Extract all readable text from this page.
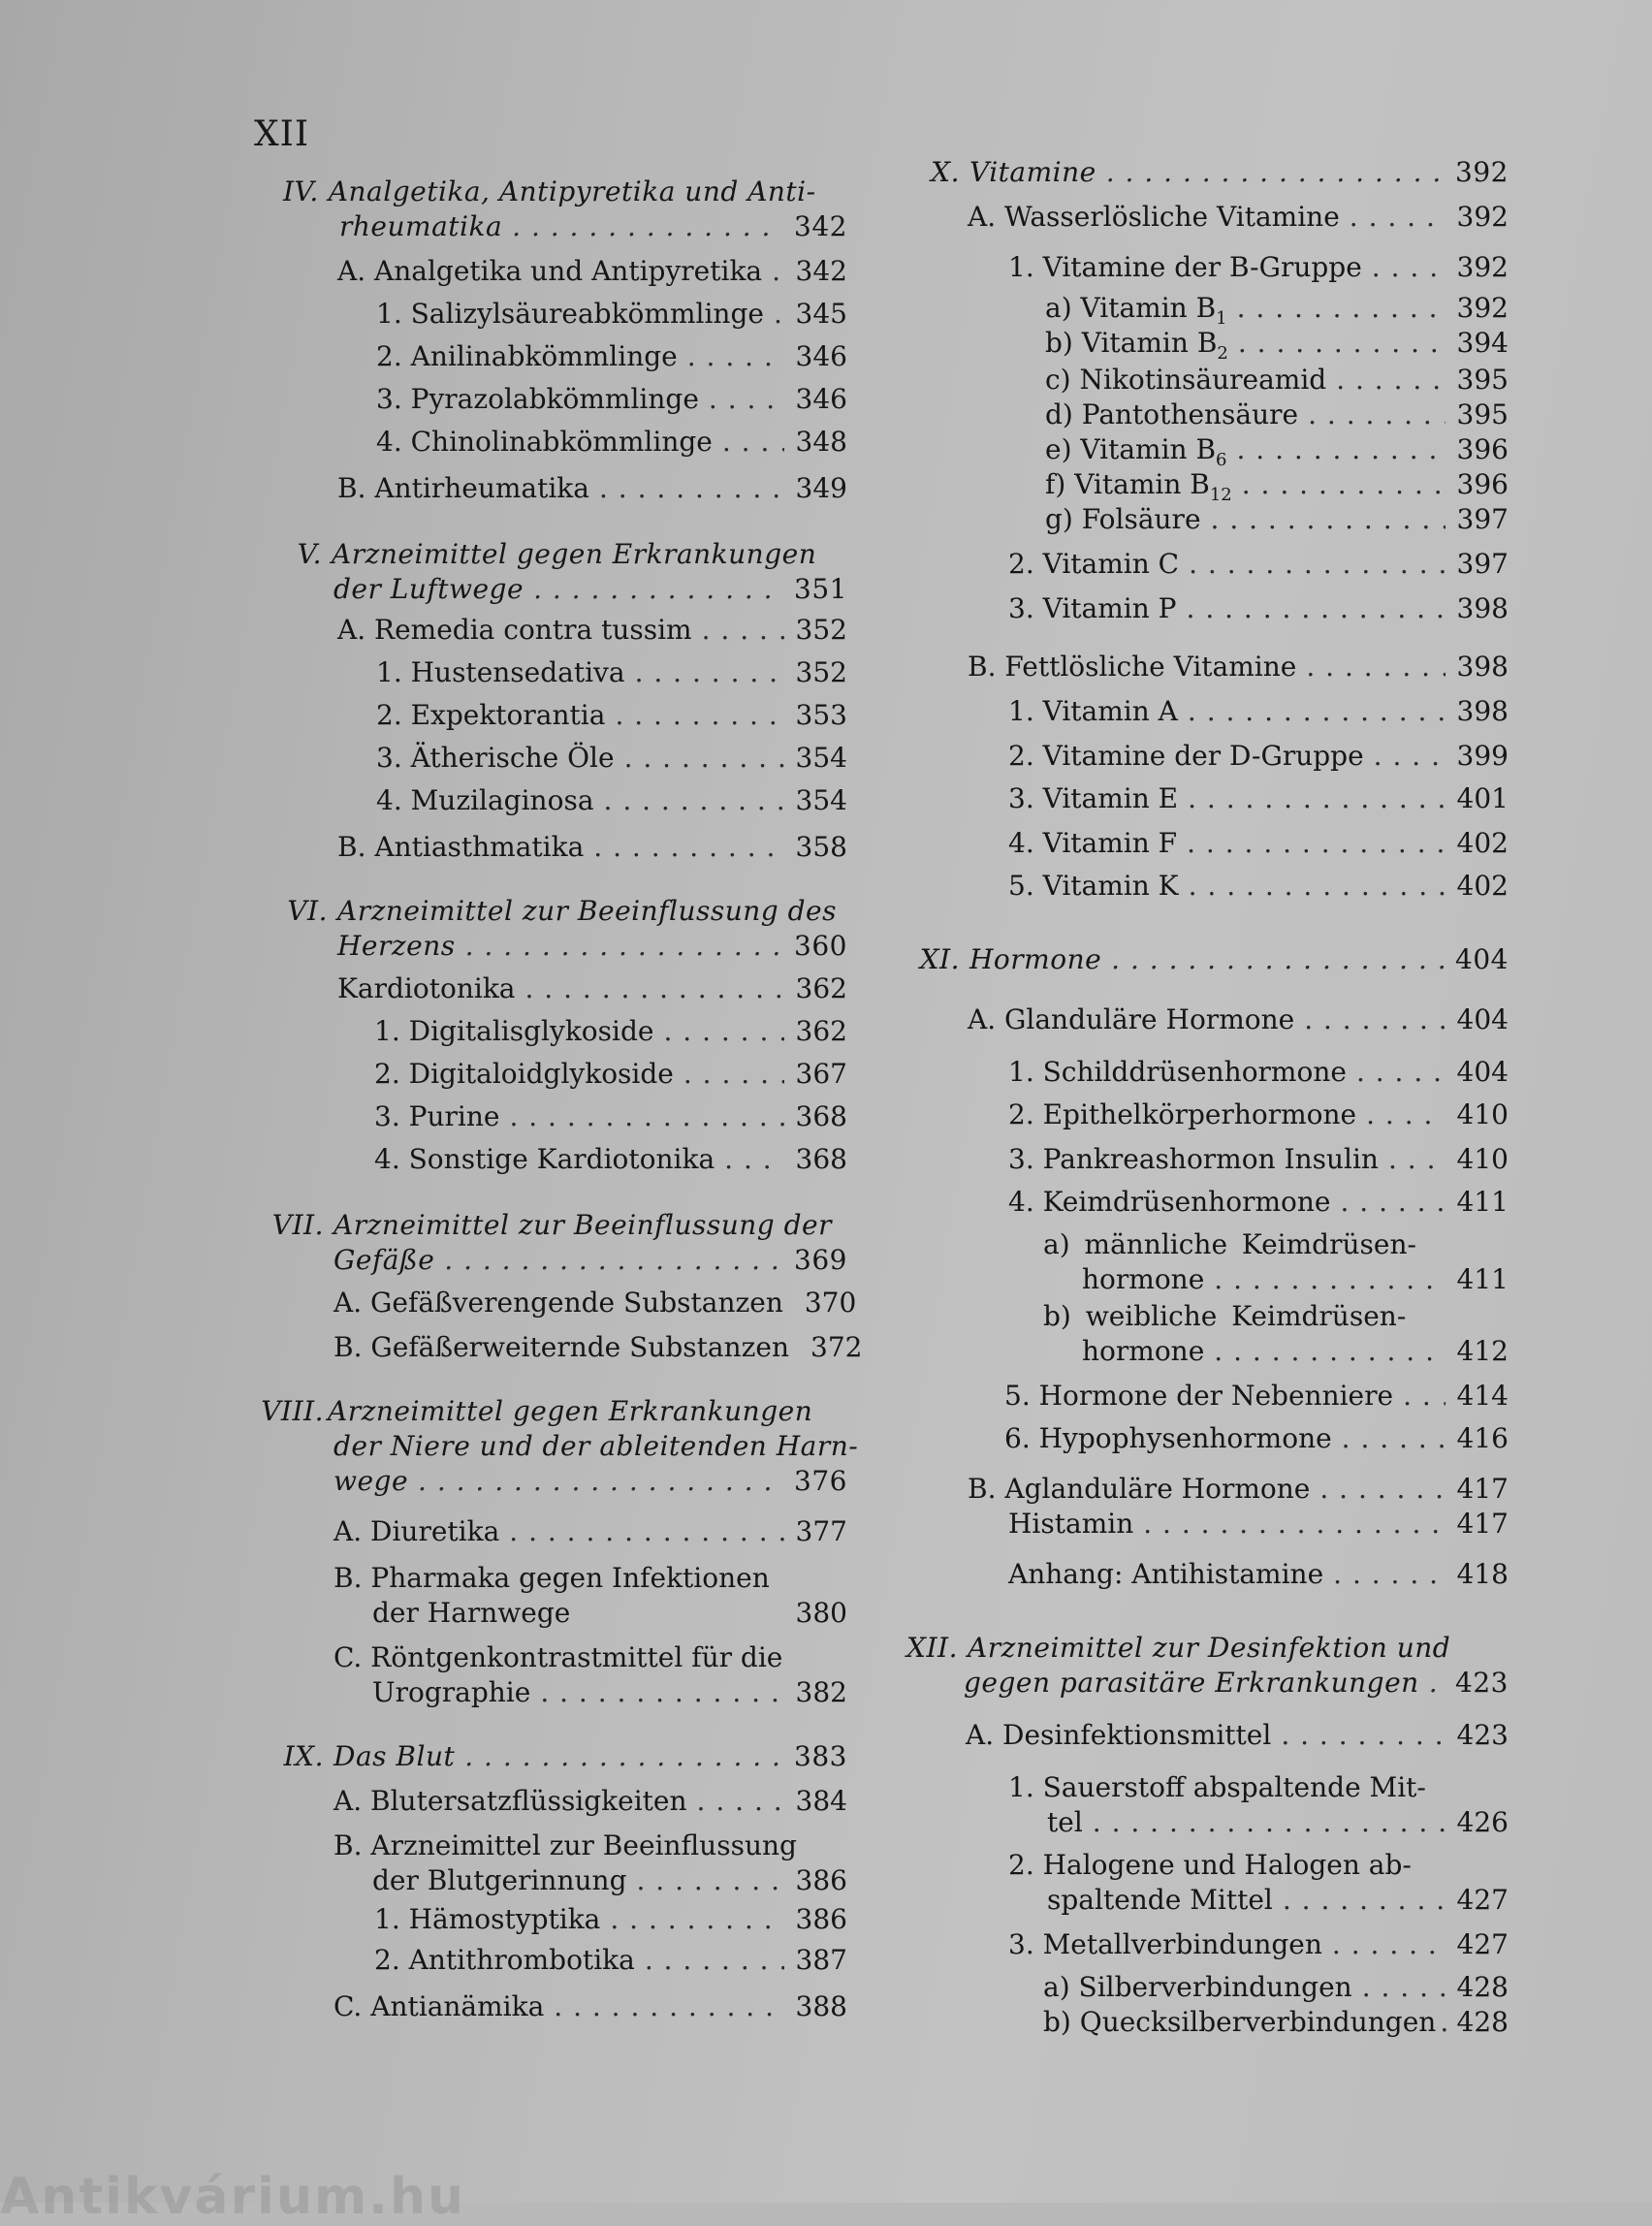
XII
IV. Analgetika, Antipyretika und Anti-
rheumatika . . .	342
A. Analgetika und Antipyretika . . . 342
1. Salizylsäureabkömmlinge . . . 345
2. Anilinabkömmlinge . . .	346
3. Pyrazolabkömmlinge . . .	346
4. Chinolinabkömmlinge . . .	348
B. Antirheumatika . . .	349
V. Arzneimittel gegen Erkrankungen
der Luftwege . . .	351
A. Remedia contra tussim . . .	352
1. Hustensedativa . . .	352
2. Expektorantia . . .	353
3. Ätherische Öle . . .	354
4. Muzilaginosa . . .	354
B. Antiasthmatika . . .	358
VI. Arzneimittel zur Beeinflussung des
Herzens . . .	360
Kardiotonika . . .	362
1. Digitalisglykoside . . .	362
2. Digitaloidglykoside . . .	367
3. Purine . . .	368
4. Sonstige Kardiotonika . . .	368
VII. Arzneimittel zur Beeinflussung der
Gefäße . . .	369
A. Gefäßverengende Substanzen 370
B. Gefäßerweiternde Substanzen 372
VIII. Arzneimittel gegen Erkrankungen
der Niere und der ableitenden Harn-
wege . . .	376
A. Diuretika . . .	377
B. Pharmaka gegen Infektionen
der Harnwege	380
C. Röntgenkontrastmittel für die
Urographie . . .	382
IX. Das Blut . . .	383
A. Blutersatzflüssigkeiten . . .	384
B. Arzneimittel zur Beeinflussung
der Blutgerinnung . . .	386
1. Hämostyptika . . .	386
2. Antithrombotika . . .	387
C. Antianämika . . .	388
X. Vitamine . . .	392
A. Wasserlösliche Vitamine . . .	392
1. Vitamine der B-Gruppe . . .	392
a) Vitamin $B_1$ . . .	392
b) Vitamin $B_2$ . . .	394
c) Nikotinsäureamid . . .	395
d) Pantothensäure . . .	395
e) Vitamin $B_6$ . . .	396
f) Vitamin $B_{12}$ . . .	396
g) Folsäure . . .	397
2. Vitamin C . . .	397
3. Vitamin P . . .	398
B. Fettlösliche Vitamine . . .	398
1. Vitamin A . . .	398
2. Vitamine der D-Gruppe . . .	399
3. Vitamin E . . .	401
4. Vitamin F . . .	402
5. Vitamin K . . .	402
XI. Hormone . . .	404
A. Glanduläre Hormone . . .	404
1. Schilddrüsenhormone . . .	404
2. Epithelkörperhormone . . .	410
3. Pankreashormon Insulin . . .	410
4. Keimdrüsenhormone . . .	411
a) männliche Keimdrüsen-
hormone . . .	411
b) weibliche Keimdrüsen-
hormone . . .	412
5. Hormone der Nebenniere . . . 414
6. Hypophysenhormone . . .	416
B. Aglanduläre Hormone . . .	417
Histamin . . .	417
Anhang: Antihistamine . . .	418
XII. Arzneimittel zur Desinfektion und
gegen parasitäre Erkrankungen . . . 423
A. Desinfektionsmittel . . .	423
1. Sauerstoff abspaltende Mit-
tel . . .	426
2. Halogene und Halogen ab-
spaltende Mittel . . .	427
3. Metallverbindungen . . .	427
a) Silberverbindungen . . .	428
b) Quecksilberverbindungen . . . 428
Antikvárium.hu
